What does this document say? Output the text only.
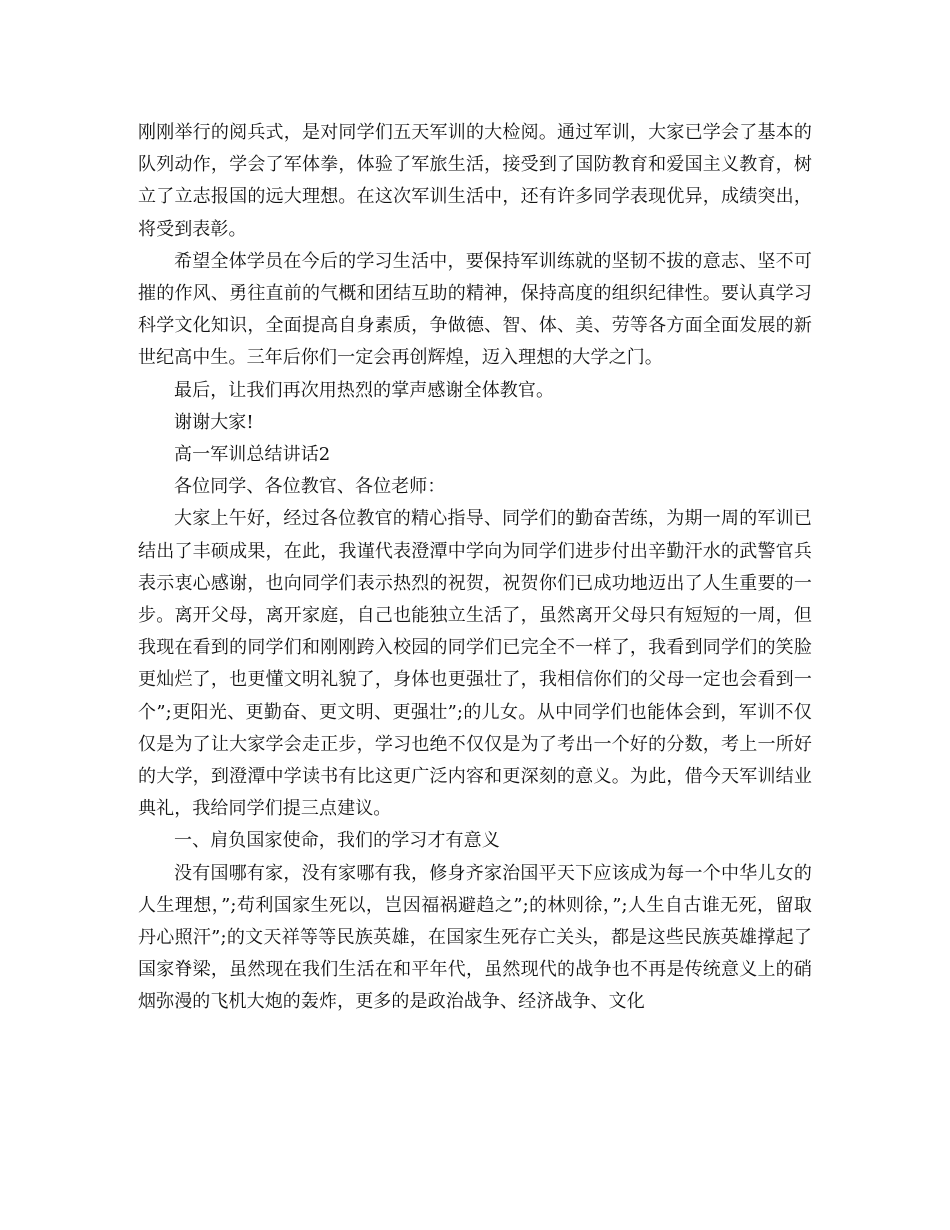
刚刚举行的阅兵式，是对同学们五天军训的大检阅。通过军训，大家已学会了基本的队列动作，学会了军体拳，体验了军旅生活，接受到了国防教育和爱国主义教育，树立了立志报国的远大理想。在这次军训生活中，还有许多同学表现优异，成绩突出，将受到表彰。

希望全体学员在今后的学习生活中，要保持军训练就的坚韧不拔的意志、坚不可摧的作风、勇往直前的气概和团结互助的精神，保持高度的组织纪律性。要认真学习科学文化知识，全面提高自身素质，争做德、智、体、美、劳等各方面全面发展的新世纪高中生。三年后你们一定会再创辉煌，迈入理想的大学之门。

最后，让我们再次用热烈的掌声感谢全体教官。

谢谢大家!

高一军训总结讲话2

各位同学、各位教官、各位老师：

大家上午好，经过各位教官的精心指导、同学们的勤奋苦练，为期一周的军训已结出了丰硕成果，在此，我谨代表澄潭中学向为同学们进步付出辛勤汗水的武警官兵表示衷心感谢，也向同学们表示热烈的祝贺，祝贺你们已成功地迈出了人生重要的一步。离开父母，离开家庭，自己也能独立生活了，虽然离开父母只有短短的一周，但我现在看到的同学们和刚刚跨入校园的同学们已完全不一样了，我看到同学们的笑脸更灿烂了，也更懂文明礼貌了，身体也更强壮了，我相信你们的父母一定也会看到一个”;更阳光、更勤奋、更文明、更强壮”;的儿女。从中同学们也能体会到，军训不仅仅是为了让大家学会走正步，学习也绝不仅仅是为了考出一个好的分数，考上一所好的大学，到澄潭中学读书有比这更广泛内容和更深刻的意义。为此，借今天军训结业典礼，我给同学们提三点建议。

一、肩负国家使命，我们的学习才有意义

没有国哪有家，没有家哪有我，修身齐家治国平天下应该成为每一个中华儿女的人生理想，”;苟利国家生死以，岂因福祸避趋之”;的林则徐，”;人生自古谁无死，留取丹心照汗”;的文天祥等等民族英雄，在国家生死存亡关头，都是这些民族英雄撑起了国家脊梁，虽然现在我们生活在和平年代，虽然现代的战争也不再是传统意义上的硝烟弥漫的飞机大炮的轰炸，更多的是政治战争、经济战争、文化
